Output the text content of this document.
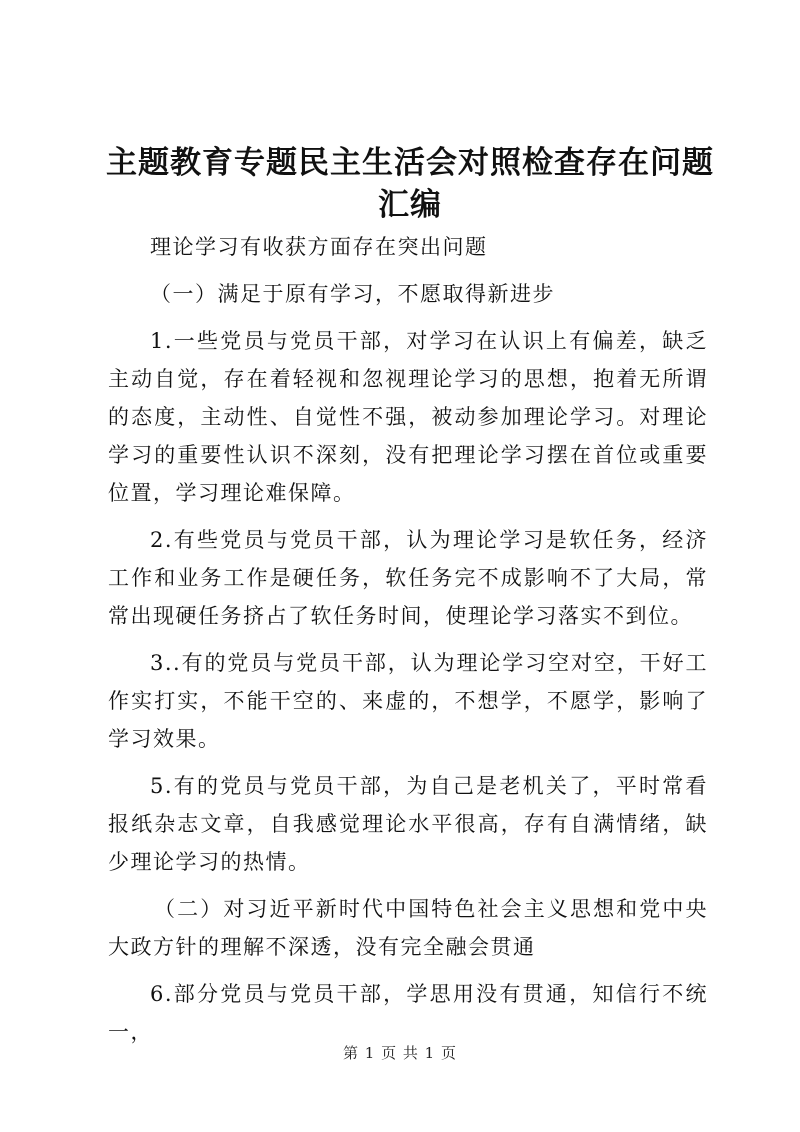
主题教育专题民主生活会对照检查存在问题汇编

理论学习有收获方面存在突出问题

（一）满足于原有学习，不愿取得新进步

1.一些党员与党员干部，对学习在认识上有偏差，缺乏主动自觉，存在着轻视和忽视理论学习的思想，抱着无所谓的态度，主动性、自觉性不强，被动参加理论学习。对理论学习的重要性认识不深刻，没有把理论学习摆在首位或重要位置，学习理论难保障。

2.有些党员与党员干部，认为理论学习是软任务，经济工作和业务工作是硬任务，软任务完不成影响不了大局，常常出现硬任务挤占了软任务时间，使理论学习落实不到位。

3..有的党员与党员干部，认为理论学习空对空，干好工作实打实，不能干空的、来虚的，不想学，不愿学，影响了学习效果。

5.有的党员与党员干部，为自己是老机关了，平时常看报纸杂志文章，自我感觉理论水平很高，存有自满情绪，缺少理论学习的热情。

（二）对习近平新时代中国特色社会主义思想和党中央大政方针的理解不深透，没有完全融会贯通

6.部分党员与党员干部，学思用没有贯通，知信行不统一，

第 1 页 共 1 页
